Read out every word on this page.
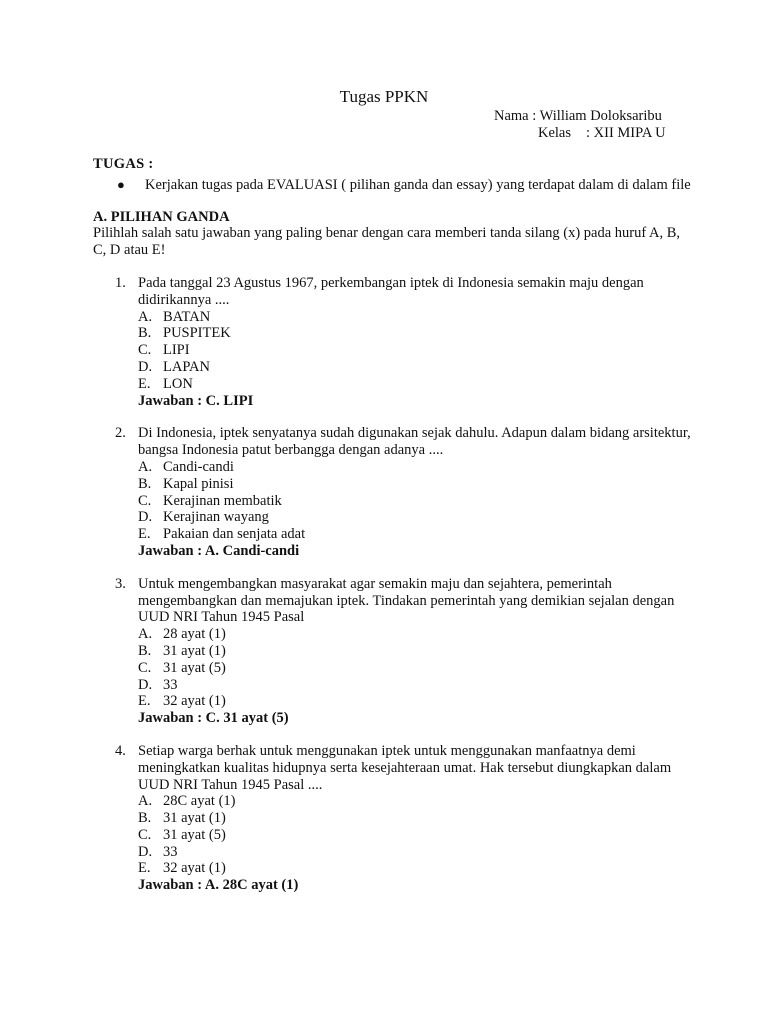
Tugas PPKN
Nama : William Doloksaribu
Kelas : XII MIPA U
TUGAS :
● Kerjakan tugas pada EVALUASI ( pilihan ganda dan essay) yang terdapat dalam di dalam file
A. PILIHAN GANDA
Pilihlah salah satu jawaban yang paling benar dengan cara memberi tanda silang (x) pada huruf A, B, C, D atau E!
1. Pada tanggal 23 Agustus 1967, perkembangan iptek di Indonesia semakin maju dengan didirikannya ....
A. BATAN
B. PUSPITEK
C. LIPI
D. LAPAN
E. LON
Jawaban : C. LIPI
2. Di Indonesia, iptek senyatanya sudah digunakan sejak dahulu. Adapun dalam bidang arsitektur, bangsa Indonesia patut berbangga dengan adanya ....
A. Candi-candi
B. Kapal pinisi
C. Kerajinan membatik
D. Kerajinan wayang
E. Pakaian dan senjata adat
Jawaban : A. Candi-candi
3. Untuk mengembangkan masyarakat agar semakin maju dan sejahtera, pemerintah mengembangkan dan memajukan iptek. Tindakan pemerintah yang demikian sejalan dengan UUD NRI Tahun 1945 Pasal
A. 28 ayat (1)
B. 31 ayat (1)
C. 31 ayat (5)
D. 33
E. 32 ayat (1)
Jawaban : C. 31 ayat (5)
4. Setiap warga berhak untuk menggunakan iptek untuk menggunakan manfaatnya demi meningkatkan kualitas hidupnya serta kesejahteraan umat. Hak tersebut diungkapkan dalam UUD NRI Tahun 1945 Pasal ....
A. 28C ayat (1)
B. 31 ayat (1)
C. 31 ayat (5)
D. 33
E. 32 ayat (1)
Jawaban : A. 28C ayat (1)
